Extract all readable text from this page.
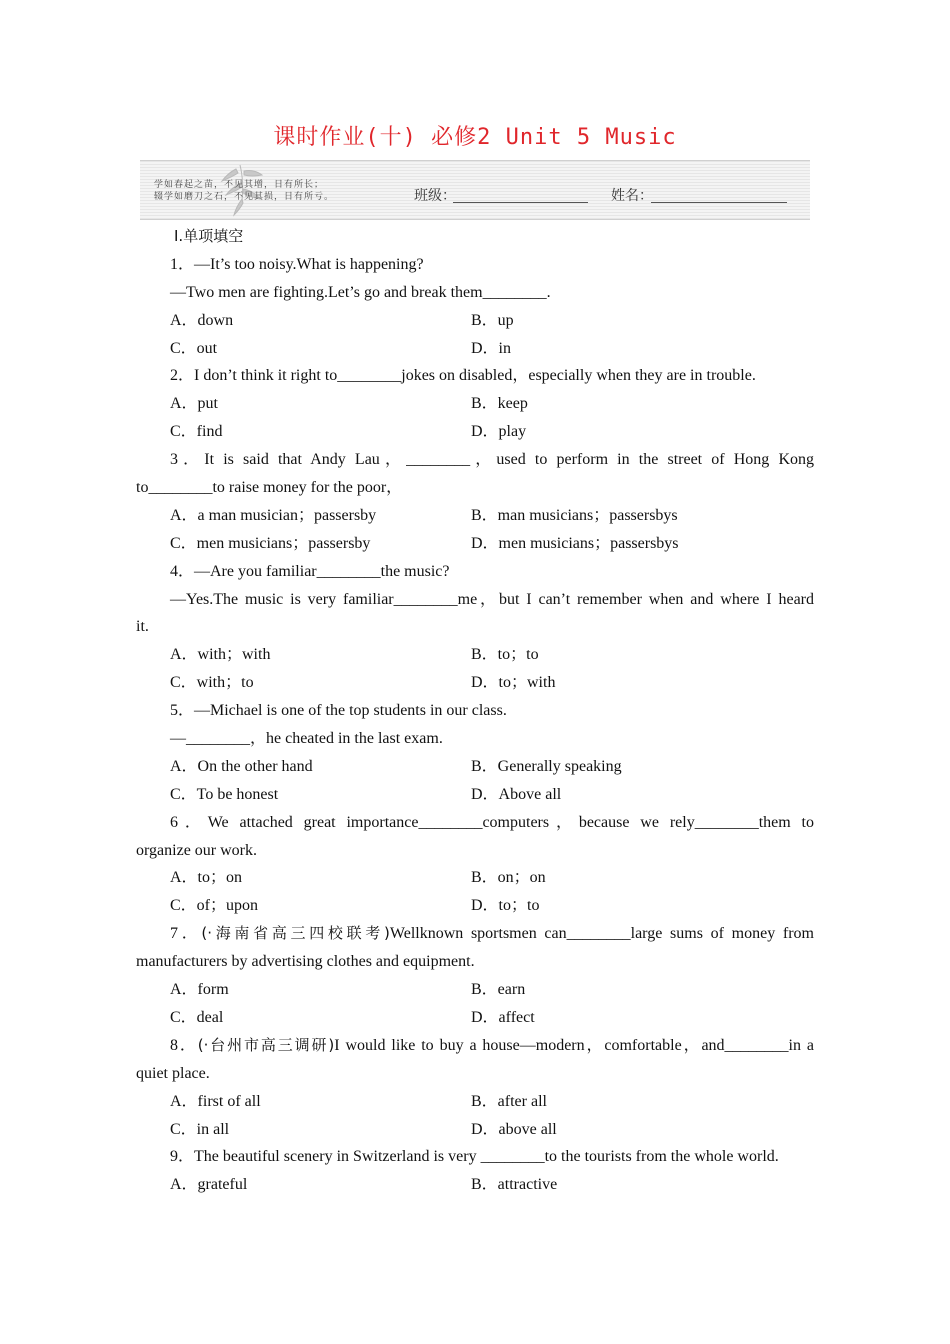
课时作业(十) 必修2 Unit 5 Music
学如春起之苗，不见其增，日有所长；
辍学如磨刀之石，不见其损，日有所亏。	班级：	姓名：
Ⅰ.单项填空
1．—It’s too noisy.What is happening?
—Two men are fighting.Let’s go and break them________.
A．down	B．up
C．out	D．in
2．I don’t think it right to________jokes on disabled，especially when they are in trouble.
A．put	B．keep
C．find	D．play
3．It is said that Andy Lau，________，used to perform in the street of Hong Kong
to________to raise money for the poor，
A．a man musician；passersby	B．man musicians；passersbys
C．men musicians；passersby	D．men musicians；passersbys
4．—Are you familiar________the music?
—Yes.The music is very familiar________me，but I can’t remember when and where I heard
it.
A．with；with	B．to；to
C．with；to	D．to；with
5．—Michael is one of the top students in our class.
—________，he cheated in the last exam.
A．On the other hand	B．Generally speaking
C．To be honest	D．Above all
6．We attached great importance________computers，because we rely________them to
organize our work.
A．to；on	B．on；on
C．of；upon	D．to；to
7．(·海南省高三四校联考)Wellknown sportsmen can________large sums of money from
manufacturers by advertising clothes and equipment.
A．form	B．earn
C．deal	D．affect
8．(·台州市高三调研)I would like to buy a house—modern，comfortable，and________in a
quiet place.
A．first of all	B．after all
C．in all	D．above all
9．The beautiful scenery in Switzerland is very ________to the tourists from the whole world.
A．grateful	B．attractive
